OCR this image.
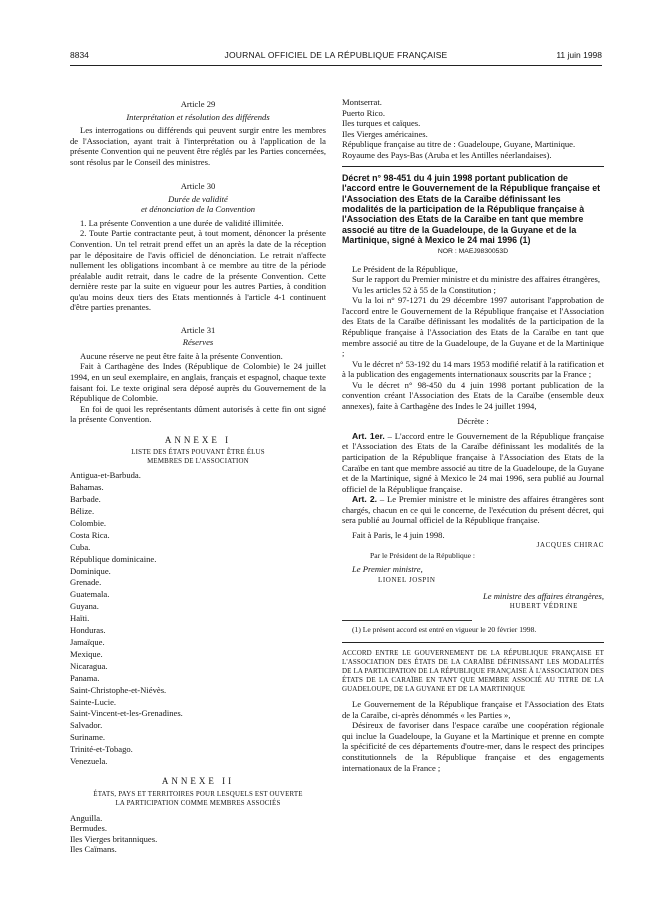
8834	JOURNAL OFFICIEL DE LA RÉPUBLIQUE FRANÇAISE	11 juin 1998
Article 29
Interprétation et résolution des différends

Les interrogations ou différends qui peuvent surgir entre les membres de l'Association, ayant trait à l'interprétation ou à l'application de la présente Convention qui ne peuvent être réglés par les Parties concernées, sont résolus par le Conseil des ministres.

Article 30
Durée de validité
et dénonciation de la Convention

1. La présente Convention a une durée de validité illimitée.

2. Toute Partie contractante peut, à tout moment, dénoncer la présente Convention. Un tel retrait prend effet un an après la date de la réception par le dépositaire de l'avis officiel de dénonciation. Le retrait n'affecte nullement les obligations incombant à ce membre au titre de la période préalable audit retrait, dans le cadre de la présente Convention. Cette dernière reste par la suite en vigueur pour les autres Parties, à condition qu'au moins deux tiers des Etats mentionnés à l'article 4-1 continuent d'être parties prenantes.

Article 31
Réserves

Aucune réserve ne peut être faite à la présente Convention.

Fait à Carthagène des Indes (République de Colombie) le 24 juillet 1994, en un seul exemplaire, en anglais, français et espagnol, chaque texte faisant foi. Le texte original sera déposé auprès du Gouvernement de la République de Colombie.

En foi de quoi les représentants dûment autorisés à cette fin ont signé la présente Convention.

ANNEXE I
LISTE DES ÉTATS POUVANT ÊTRE ÉLUS
MEMBRES DE L'ASSOCIATION
Antigua-et-Barbuda.
Bahamas.
Barbade.
Bélize.
Colombie.
Costa Rica.
Cuba.
République dominicaine.
Dominique.
Grenade.
Guatemala.
Guyana.
Haïti.
Honduras.
Jamaïque.
Mexique.
Nicaragua.
Panama.
Saint-Christophe-et-Niévès.
Sainte-Lucie.
Saint-Vincent-et-les-Grenadines.
Salvador.
Suriname.
Trinité-et-Tobago.
Venezuela.
ANNEXE II
ÉTATS, PAYS ET TERRITOIRES POUR LESQUELS EST OUVERTE
LA PARTICIPATION COMME MEMBRES ASSOCIÉS
Anguilla.
Bermudes.
Iles Vierges britanniques.
Iles Caïmans.
Montserrat.
Puerto Rico.
Iles turques et caïques.
Iles Vierges américaines.

République française au titre de : Guadeloupe, Guyane, Martinique.

Royaume des Pays-Bas (Aruba et les Antilles néerlandaises).

Décret n° 98-451 du 4 juin 1998 portant publication de l'accord entre le Gouvernement de la République française et l'Association des Etats de la Caraïbe définissant les modalités de la participation de la République française à l'Association des Etats de la Caraïbe en tant que membre associé au titre de la Guadeloupe, de la Guyane et de la Martinique, signé à Mexico le 24 mai 1996 (1)
NOR : MAEJ9830053D

Le Président de la République,

Sur le rapport du Premier ministre et du ministre des affaires étrangères,

Vu les articles 52 à 55 de la Constitution ;

Vu la loi n° 97-1271 du 29 décembre 1997 autorisant l'approbation de l'accord entre le Gouvernement de la République française et l'Association des Etats de la Caraïbe définissant les modalités de la participation de la République française à l'Association des Etats de la Caraïbe en tant que membre associé au titre de la Guadeloupe, de la Guyane et de la Martinique ;

Vu le décret n° 53-192 du 14 mars 1953 modifié relatif à la ratification et à la publication des engagements internationaux souscrits par la France ;

Vu le décret n° 98-450 du 4 juin 1998 portant publication de la convention créant l'Association des Etats de la Caraïbe (ensemble deux annexes), faite à Carthagène des Indes le 24 juillet 1994,

Décrète :

Art. 1er. – L'accord entre le Gouvernement de la République française et l'Association des Etats de la Caraïbe définissant les modalités de la participation de la République française à l'Association des Etats de la Caraïbe en tant que membre associé au titre de la Guadeloupe, de la Guyane et de la Martinique, signé à Mexico le 24 mai 1996, sera publié au Journal officiel de la République française.

Art. 2. – Le Premier ministre et le ministre des affaires étrangères sont chargés, chacun en ce qui le concerne, de l'exécution du présent décret, qui sera publié au Journal officiel de la République française.

Fait à Paris, le 4 juin 1998.

JACQUES CHIRAC
Par le Président de la République :
Le Premier ministre,
LIONEL JOSPIN
Le ministre des affaires étrangères,
HUBERT VÉDRINE

(1) Le présent accord est entré en vigueur le 20 février 1998.

ACCORD ENTRE LE GOUVERNEMENT DE LA RÉPUBLIQUE FRANÇAISE ET L'ASSOCIATION DES ÉTATS DE LA CARAÏBE DÉFINISSANT LES MODALITÉS DE LA PARTICIPATION DE LA RÉPUBLIQUE FRANÇAISE À L'ASSOCIATION DES ÉTATS DE LA CARAÏBE EN TANT QUE MEMBRE ASSOCIÉ AU TITRE DE LA GUADELOUPE, DE LA GUYANE ET DE LA MARTINIQUE

Le Gouvernement de la République française et l'Association des Etats de la Caraïbe, ci-après dénommés « les Parties »,

Désireux de favoriser dans l'espace caraïbe une coopération régionale qui inclue la Guadeloupe, la Guyane et la Martinique et prenne en compte la spécificité de ces départements d'outre-mer, dans le respect des principes constitutionnels de la République française et des engagements internationaux de la France ;
